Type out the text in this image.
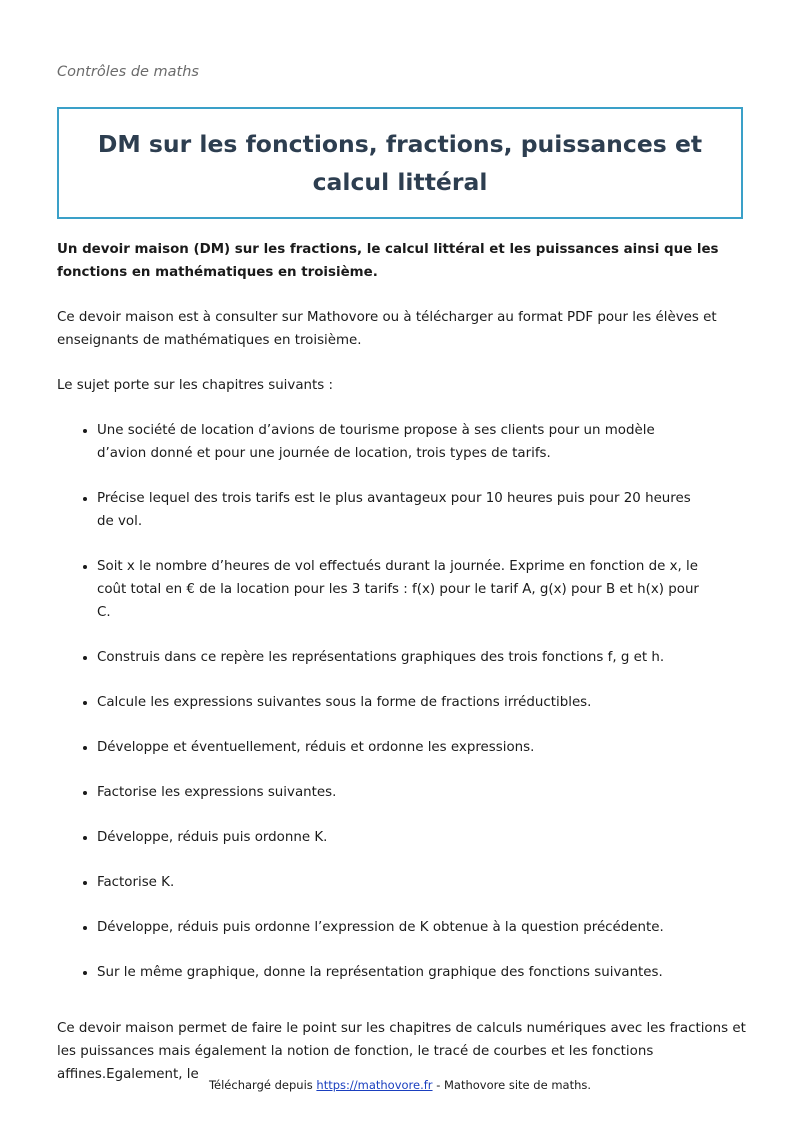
Contrôles de maths
DM sur les fonctions, fractions, puissances et calcul littéral

Un devoir maison (DM) sur les fractions, le calcul littéral et les puissances ainsi que les fonctions en mathématiques en troisième.

Ce devoir maison est à consulter sur Mathovore ou à télécharger au format PDF pour les élèves et enseignants de mathématiques en troisième.

Le sujet porte sur les chapitres suivants :

• Une société de location d’avions de tourisme propose à ses clients pour un modèle d’avion donné et pour une journée de location, trois types de tarifs.
• Précise lequel des trois tarifs est le plus avantageux pour 10 heures puis pour 20 heures de vol.
• Soit x le nombre d’heures de vol effectués durant la journée. Exprime en fonction de x, le coût total en € de la location pour les 3 tarifs : f(x) pour le tarif A, g(x) pour B et h(x) pour C.
• Construis dans ce repère les représentations graphiques des trois fonctions f, g et h.
• Calcule les expressions suivantes sous la forme de fractions irréductibles.
• Développe et éventuellement, réduis et ordonne les expressions.
• Factorise les expressions suivantes.
• Développe, réduis puis ordonne K.
• Factorise K.
• Développe, réduis puis ordonne l’expression de K obtenue à la question précédente.
• Sur le même graphique, donne la représentation graphique des fonctions suivantes.

Ce devoir maison permet de faire le point sur les chapitres de calculs numériques avec les fractions et les puissances mais également la notion de fonction, le tracé de courbes et les fonctions affines.Egalement, le

Téléchargé depuis https://mathovore.fr - Mathovore site de maths.
